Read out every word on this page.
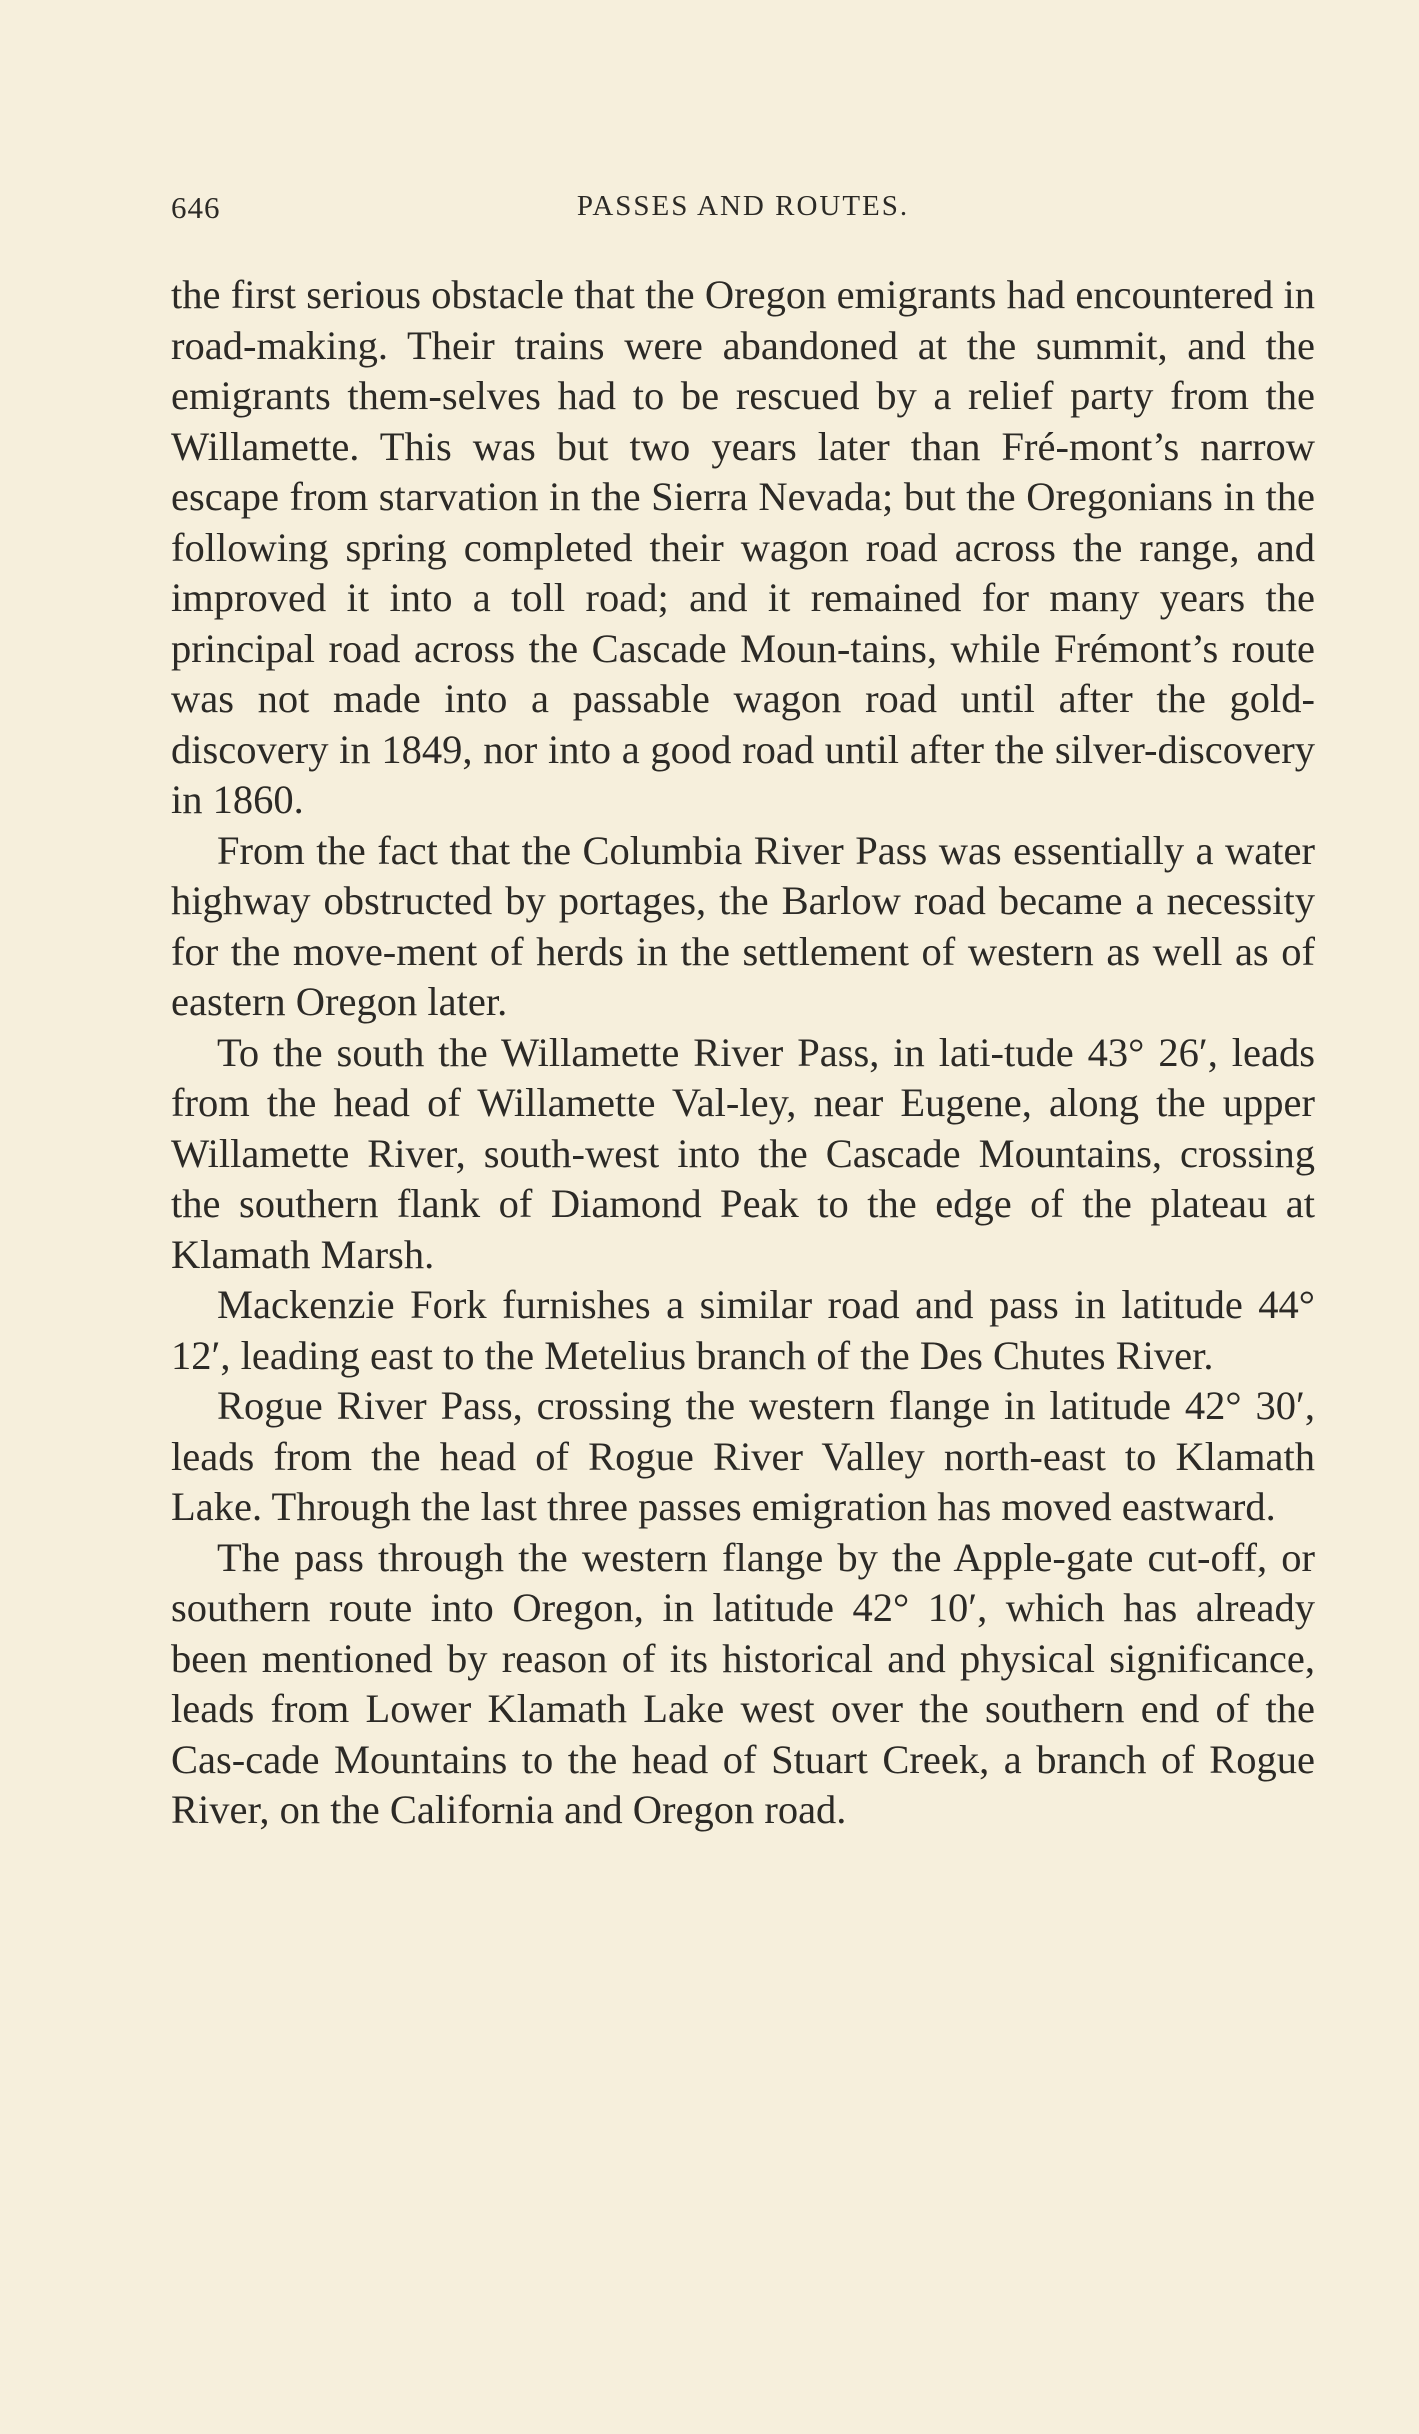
646	PASSES AND ROUTES.

the first serious obstacle that the Oregon emigrants had encountered in road-making. Their trains were abandoned at the summit, and the emigrants them-selves had to be rescued by a relief party from the Willamette. This was but two years later than Fré-mont’s narrow escape from starvation in the Sierra Nevada; but the Oregonians in the following spring completed their wagon road across the range, and improved it into a toll road; and it remained for many years the principal road across the Cascade Moun-tains, while Frémont’s route was not made into a passable wagon road until after the gold-discovery in 1849, nor into a good road until after the silver-discovery in 1860.

From the fact that the Columbia River Pass was essentially a water highway obstructed by portages, the Barlow road became a necessity for the move-ment of herds in the settlement of western as well as of eastern Oregon later.

To the south the Willamette River Pass, in lati-tude 43° 26′, leads from the head of Willamette Val-ley, near Eugene, along the upper Willamette River, south-west into the Cascade Mountains, crossing the southern flank of Diamond Peak to the edge of the plateau at Klamath Marsh.

Mackenzie Fork furnishes a similar road and pass in latitude 44° 12′, leading east to the Metelius branch of the Des Chutes River.

Rogue River Pass, crossing the western flange in latitude 42° 30′, leads from the head of Rogue River Valley north-east to Klamath Lake. Through the last three passes emigration has moved eastward.

The pass through the western flange by the Apple-gate cut-off, or southern route into Oregon, in latitude 42° 10′, which has already been mentioned by reason of its historical and physical significance, leads from Lower Klamath Lake west over the southern end of the Cas-cade Mountains to the head of Stuart Creek, a branch of Rogue River, on the California and Oregon road.
